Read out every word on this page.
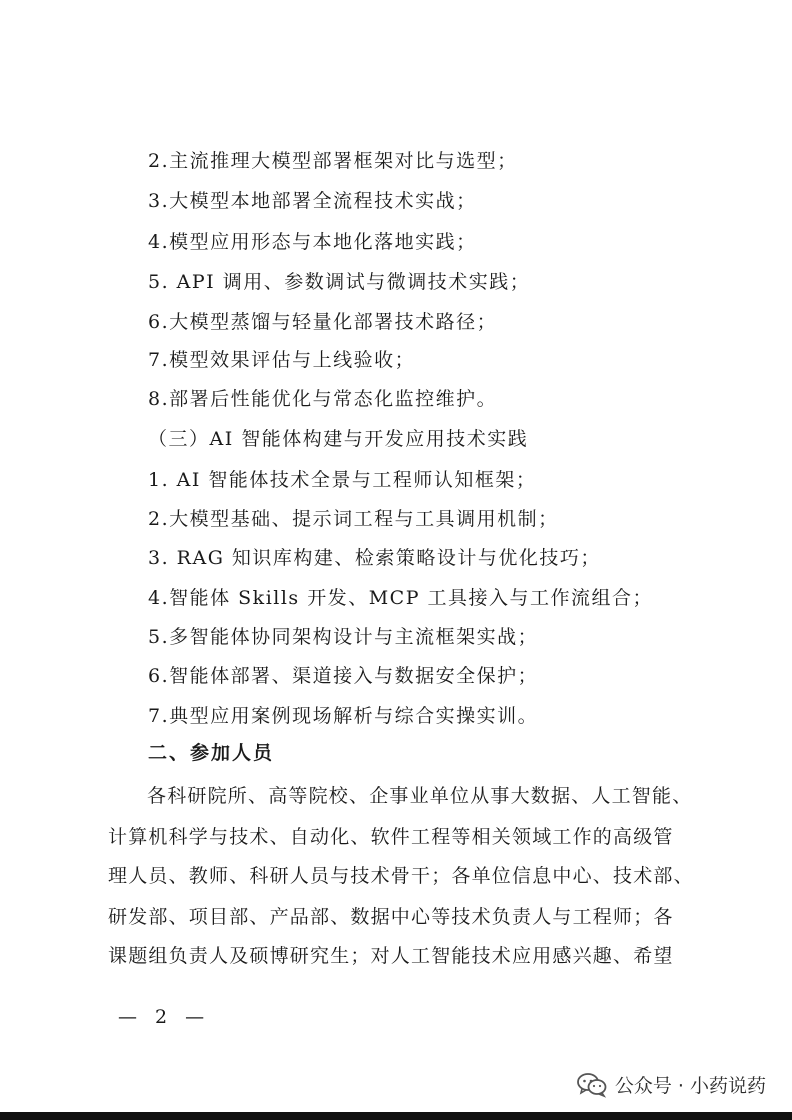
2.主流推理大模型部署框架对比与选型；
3.大模型本地部署全流程技术实战；
4.模型应用形态与本地化落地实践；
5. API 调用、参数调试与微调技术实践；
6.大模型蒸馏与轻量化部署技术路径；
7.模型效果评估与上线验收；
8.部署后性能优化与常态化监控维护。
（三）AI 智能体构建与开发应用技术实践
1. AI 智能体技术全景与工程师认知框架；
2.大模型基础、提示词工程与工具调用机制；
3. RAG 知识库构建、检索策略设计与优化技巧；
4.智能体 Skills 开发、MCP 工具接入与工作流组合；
5.多智能体协同架构设计与主流框架实战；
6.智能体部署、渠道接入与数据安全保护；
7.典型应用案例现场解析与综合实操实训。
二、参加人员
各科研院所、高等院校、企事业单位从事大数据、人工智能、
计算机科学与技术、自动化、软件工程等相关领域工作的高级管
理人员、教师、科研人员与技术骨干；各单位信息中心、技术部、
研发部、项目部、产品部、数据中心等技术负责人与工程师；各
课题组负责人及硕博研究生；对人工智能技术应用感兴趣、希望
— 2 —
公众号 · 小药说药
